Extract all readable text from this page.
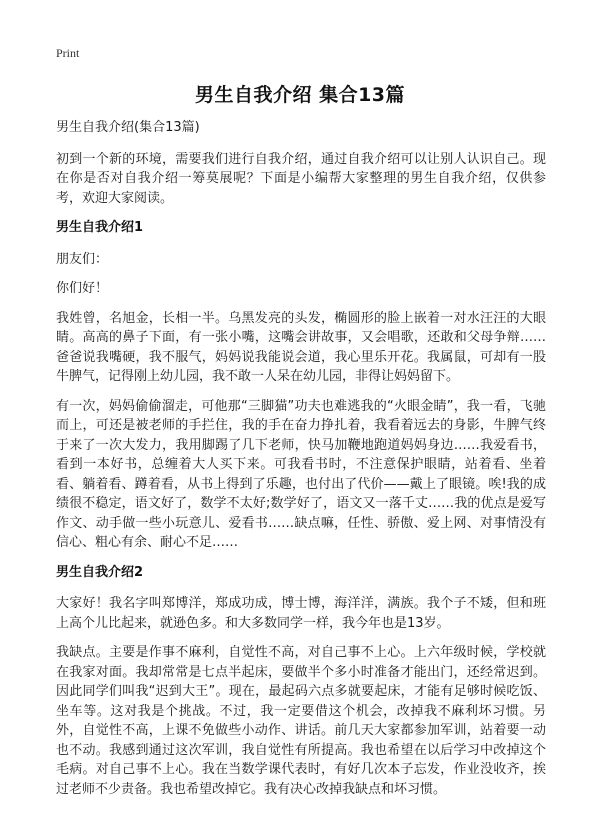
Print
男生自我介绍 集合13篇

男生自我介绍(集合13篇)

初到一个新的环境，需要我们进行自我介绍，通过自我介绍可以让别人认识自己。现在你是否对自我介绍一筹莫展呢？下面是小编帮大家整理的男生自我介绍，仅供参考，欢迎大家阅读。

男生自我介绍1

朋友们：

你们好！

我姓曾，名旭金，长相一半。乌黑发亮的头发，椭圆形的脸上嵌着一对水汪汪的大眼睛。高高的鼻子下面，有一张小嘴，这嘴会讲故事，又会唱歌，还敢和父母争辩……爸爸说我嘴硬，我不服气，妈妈说我能说会道，我心里乐开花。我属鼠，可却有一股牛脾气，记得刚上幼儿园，我不敢一人呆在幼儿园，非得让妈妈留下。

有一次，妈妈偷偷溜走，可他那“三脚猫”功夫也难逃我的“火眼金睛”，我一看，飞驰而上，可还是被老师的手拦住，我的手在奋力挣扎着，我看着远去的身影，牛脾气终于来了一次大发力，我用脚踢了几下老师，快马加鞭地跑道妈妈身边……我爱看书，看到一本好书，总缠着大人买下来。可我看书时，不注意保护眼睛，站着看、坐着看、躺着看、蹲着看，从书上得到了乐趣，也付出了代价——戴上了眼镜。唉!我的成绩很不稳定，语文好了，数学不太好;数学好了，语文又一落千丈……我的优点是爱写作文、动手做一些小玩意儿、爱看书……缺点嘛，任性、骄傲、爱上网、对事情没有信心、粗心有余、耐心不足……

男生自我介绍2

大家好！我名字叫郑博洋，郑成功成，博士博，海洋洋，满族。我个子不矮，但和班上高个儿比起来，就逊色多。和大多数同学一样，我今年也是13岁。

我缺点。主要是作事不麻利，自觉性不高，对自己事不上心。上六年级时候，学校就在我家对面。我却常常是七点半起床，要做半个多小时准备才能出门，还经常迟到。因此同学们叫我“迟到大王”。现在，最起码六点多就要起床，才能有足够时候吃饭、坐车等。这对我是个挑战。不过，我一定要借这个机会，改掉我不麻利坏习惯。另外，自觉性不高，上课不免做些小动作、讲话。前几天大家都参加军训，站着要一动也不动。我感到通过这次军训，我自觉性有所提高。我也希望在以后学习中改掉这个毛病。对自己事不上心。我在当数学课代表时，有好几次本子忘发，作业没收齐，挨过老师不少责备。我也希望改掉它。我有决心改掉我缺点和坏习惯。
